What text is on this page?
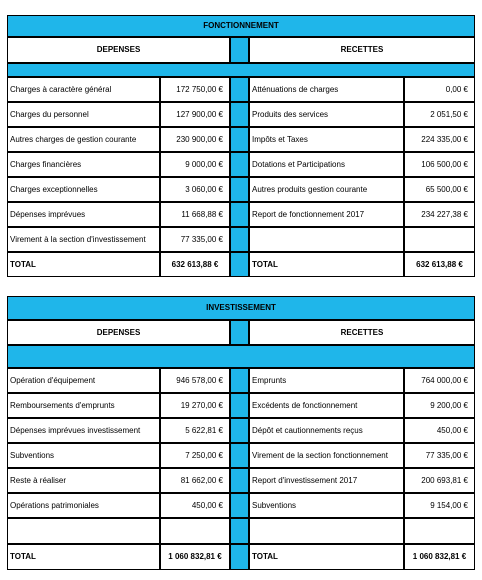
FONCTIONNEMENT
DEPENSES	RECETTES
Charges à caractère général	172 750,00 €	Atténuations de charges	0,00 €
Charges du personnel	127 900,00 €	Produits des services	2 051,50 €
Autres charges de gestion courante	230 900,00 €	Impôts et Taxes	224 335,00 €
Charges financières	9 000,00 €	Dotations et Participations	106 500,00 €
Charges exceptionnelles	3 060,00 €	Autres produits gestion courante	65 500,00 €
Dépenses imprévues	11 668,88 €	Report de fonctionnement 2017	234 227,38 €
Virement à la section d'investissement	77 335,00 €
TOTAL	632 613,88 €	TOTAL	632 613,88 €
INVESTISSEMENT
DEPENSES	RECETTES
Opération d'équipement	946 578,00 €	Emprunts	764 000,00 €
Remboursements d'emprunts	19 270,00 €	Excédents de fonctionnement	9 200,00 €
Dépenses imprévues investissement	5 622,81 €	Dépôt et cautionnements reçus	450,00 €
Subventions	7 250,00 €	Virement de la section fonctionnement	77 335,00 €
Reste à réaliser	81 662,00 €	Report d'investissement 2017	200 693,81 €
Opérations patrimoniales	450,00 €	Subventions	9 154,00 €
TOTAL	1 060 832,81 €	TOTAL	1 060 832,81 €
